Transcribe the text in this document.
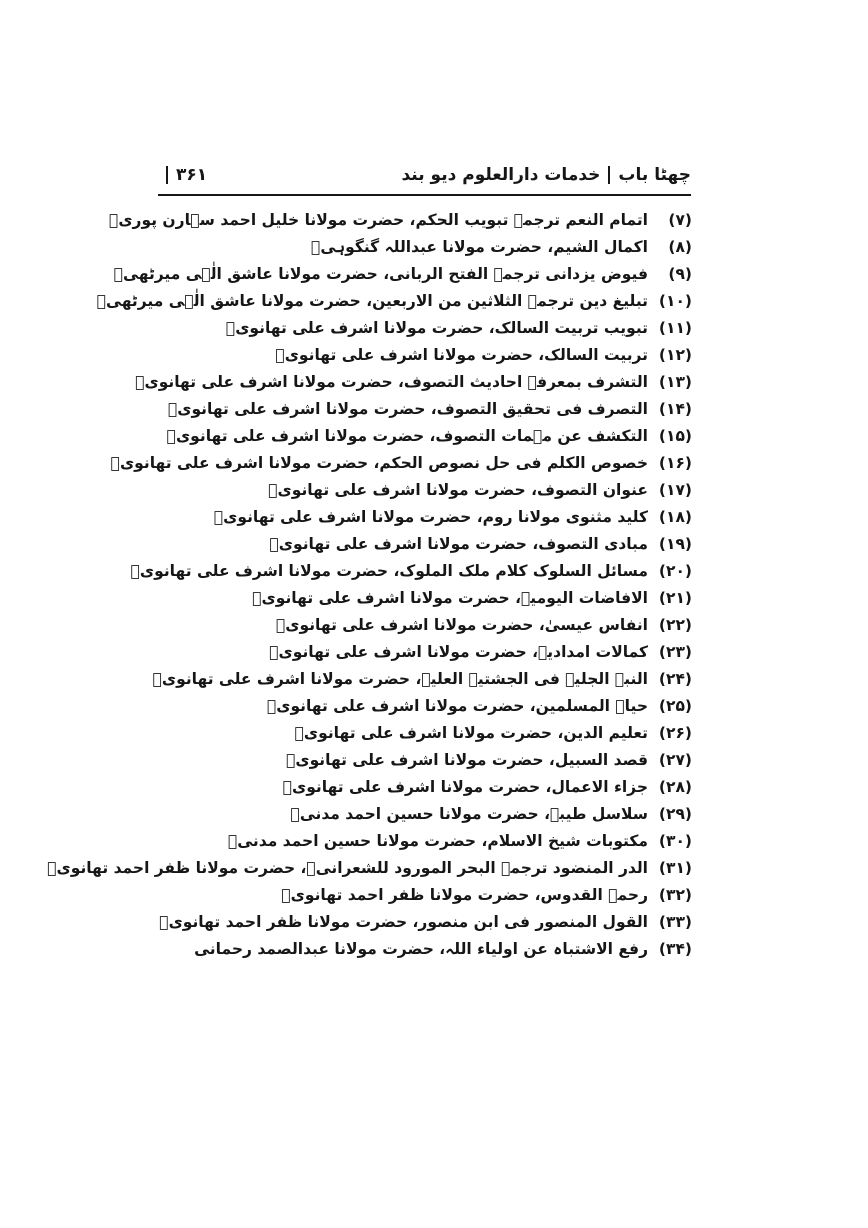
چھٹا بابخدمات دارالعلوم دیو بند
۳۶۱
(۷)اتمام النعم ترجمہ تبویب الحکم، حضرت مولانا خلیل احمد سہارن پوریؒ
(۸)اکمال الشیم، حضرت مولانا عبداللہ گنگوہیؒ
(۹)فیوض یزدانی ترجمہ الفتح الربانی، حضرت مولانا عاشق الٰہی میرٹھیؒ
(۱۰)تبلیغ دین ترجمہ الثلاثین من الاربعین، حضرت مولانا عاشق الٰہی میرٹھیؒ
(۱۱)تبویب تربیت السالک، حضرت مولانا اشرف علی تھانویؒ
(۱۲)تربیت السالک، حضرت مولانا اشرف علی تھانویؒ
(۱۳)التشرف بمعرفۃ احادیث التصوف، حضرت مولانا اشرف علی تھانویؒ
(۱۴)التصرف فی تحقیق التصوف، حضرت مولانا اشرف علی تھانویؒ
(۱۵)التکشف عن مہمات التصوف، حضرت مولانا اشرف علی تھانویؒ
(۱۶)خصوص الکلم فی حل نصوص الحکم، حضرت مولانا اشرف علی تھانویؒ
(۱۷)عنوان التصوف، حضرت مولانا اشرف علی تھانویؒ
(۱۸)کلید مثنوی مولانا روم، حضرت مولانا اشرف علی تھانویؒ
(۱۹)مبادی التصوف، حضرت مولانا اشرف علی تھانویؒ
(۲۰)مسائل السلوک کلام ملک الملوک، حضرت مولانا اشرف علی تھانویؒ
(۲۱)الافاضات الیومیہ، حضرت مولانا اشرف علی تھانویؒ
(۲۲)انفاس عیسیٰ، حضرت مولانا اشرف علی تھانویؒ
(۲۳)کمالات امدادیہ، حضرت مولانا اشرف علی تھانویؒ
(۲۴)النبۃ الجلیۃ فی الجشتیۃ العلیۃ، حضرت مولانا اشرف علی تھانویؒ
(۲۵)حیاۃ المسلمین، حضرت مولانا اشرف علی تھانویؒ
(۲۶)تعلیم الدین، حضرت مولانا اشرف علی تھانویؒ
(۲۷)قصد السبیل، حضرت مولانا اشرف علی تھانویؒ
(۲۸)جزاء الاعمال، حضرت مولانا اشرف علی تھانویؒ
(۲۹)سلاسل طیبہ، حضرت مولانا حسین احمد مدنیؒ
(۳۰)مکتوبات شیخ الاسلام، حضرت مولانا حسین احمد مدنیؒ
(۳۱)الدر المنضود ترجمہ البحر المورود للشعرانیؒ، حضرت مولانا ظفر احمد تھانویؒ
(۳۲)رحمۃ القدوس، حضرت مولانا ظفر احمد تھانویؒ
(۳۳)القول المنصور فی ابن منصور، حضرت مولانا ظفر احمد تھانویؒ
(۳۴)رفع الاشتباہ عن اولیاء اللہ، حضرت مولانا عبدالصمد رحمانی
